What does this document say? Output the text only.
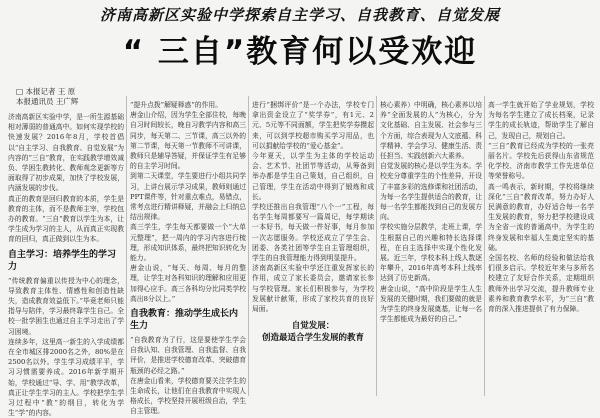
济南高新区实验中学探索自主学习、自我教育、自觉发展
“ 三自”教育何以受欢迎
□ 本报记者 王 原
本报通讯员 王广辉
济南高新区实验中学，是一所生源基础相对薄弱的普通高中。如何实现学校的快速发展？2016年8月，学校首倡以“自主学习、自我教育、自觉发展”为内容的“三自”教育，在实践教学增效减负、学困生教转化、教师观念更新等方面取得了初步成果，加快了学校发展，内涵发展的步伐。
真正的教育是回归教育的本质，学生是教育的主体，而不是教师主宰，学校包办的教育。“三自”教育以学生为本，让学生成为学习的主人，从而真正实现教育的回归，真正做到以生为本。
自主学习：培养学生的学习力
“传统教育偏重以传授为中心的理念，导致教育主体性、情感性和创造性缺失，造成教育效益低下。”毕竟老师只能指导与陪伴，学习最终靠学生自己。全校一批学困生也通过自主学习走出了学习困境。
连续多年，这里高一新生的入学成绩都在全市城区排2000名之外，80%是在2500名以外。学生学习成绩平平，学习习惯需要养成。2016年新学期开始，学校通过“导、学、用”教学改革，真正让学生学习的主人。学校把学生学习过程中“教”的纲目，转化为学生“学”的内容。
“提升点拨”解疑释惑”的作用。
唐金山介绍，因为学生全部住校，每晚自习时间较长，晚自习教学内容和高三同步，每天第二、三节课，高三以外的第二节课，每天第一节教师不可讲课，教师只是辅导答疑，并保证学生有足够的自主学习时间。
到第二天课堂，学生要进行小组共同学习，上讲台展示学习成果，教师则通过PPT课件等，针对重点难点，易错点，常考点进行精讲释疑，并融会上归纳总结出规律。
高三学生，学生每天都要做一个“大单元整理”，把一周内的学习内容进行梳理，形成知识体系，最终把知识转化为能力。
唐金山说，“每天、每周、每月的整理，让学生对各科知识的理解和应用更加得心应手。高三各科均分比同类学校高出8分以上。”
自我教育：推动学生成长内生力
“自我教育为了行，这是要使学生学会自我认知、自我管理、自我监督、自我评价，是推进学校德育改革、突破德育瓶颈的必经之路。”
在唐金山看来，学校德育要关注学生的生命成长，让他们在自我教育中实现人格成长，学校坚持开展班级自治，学生自主管理。
进行“捆绑评价”是一个办法，学校专门拿出资金设立了“奖学券”，有1元、2元、5元等不同面额，学生把奖学券攒起来，可以到学校超市购买学习用品，也可以捐献给学校的“爱心基金”。
今年夏天，以学生为主体的学校运动会、艺术节、社团节等活动，从筹备到举办都是学生自己策划，自己组织，自己管理，学生在活动中得到了锻炼和成长。
学校还推出自我管理“八个一”工程，每名学生每周都要写一篇周记，每学期读一本好书，每天做一件好事，每月参加一次志愿服务。学校还成立了学生会、团委、各类社团等学生自主管理组织，学生的自我管理能力得到明显提升。
济南高新区实验中学还注重发挥家长的作用，成立了家长委员会，邀请家长参与学校管理。家长们积极参与，为学校发展献计献策，形成了家校共育的良好局面。
自觉发展：
创造最适合学生发展的教育
核心素养）中明确，核心素养以培养“全面发展的人”为核心，分为文化基础、自主发展、社会参与三个方面，综合表现为人文底蕴、科学精神、学会学习、健康生活、责任担当、实践创新六大素养。
自觉发展的核心是以学生为本。学校充分尊重学生的个性差异，开设了丰富多彩的选修课和社团活动，为每一名学生提供适合的教育，让每一名学生都能找到自己的发展方向。
学校实施分层教学，走班上课，学生根据自己的兴趣和特长选择课程，在自主选择中实现个性化发展。近三年，学校本科上线人数逐年攀升，2016年高考本科上线率达到了历史新高。
唐金山说，“高中阶段是学生人生发展的关键时期，我们要做的就是为学生的终身发展奠基，让每一名学生都能成为最好的自己。”
高一学生就开始了学业规划，学校为每名学生建立了成长档案，记录学生的成长轨迹，帮助学生了解自己，发现自己，规划自己。
“三自”教育已经成为学校的一张亮丽名片。学校先后获得山东省规范化学校、济南市教学工作先进单位等荣誉称号。
高一鸣表示，新时期，学校将继续深化“三自”教育改革，努力办好人民满意的教育，办好适合每一名学生发展的教育，努力把学校建设成为全省一流的普通高中，为学生的终身发展和幸福人生奠定坚实的基础。
全国名校、名师的经验和做法给我们很多启示。学校近年来与多所名校建立了友好合作关系，定期组织教师外出学习交流，提升教师专业素养和教育教学水平，为“三自”教育的深入推进提供了有力保障。
